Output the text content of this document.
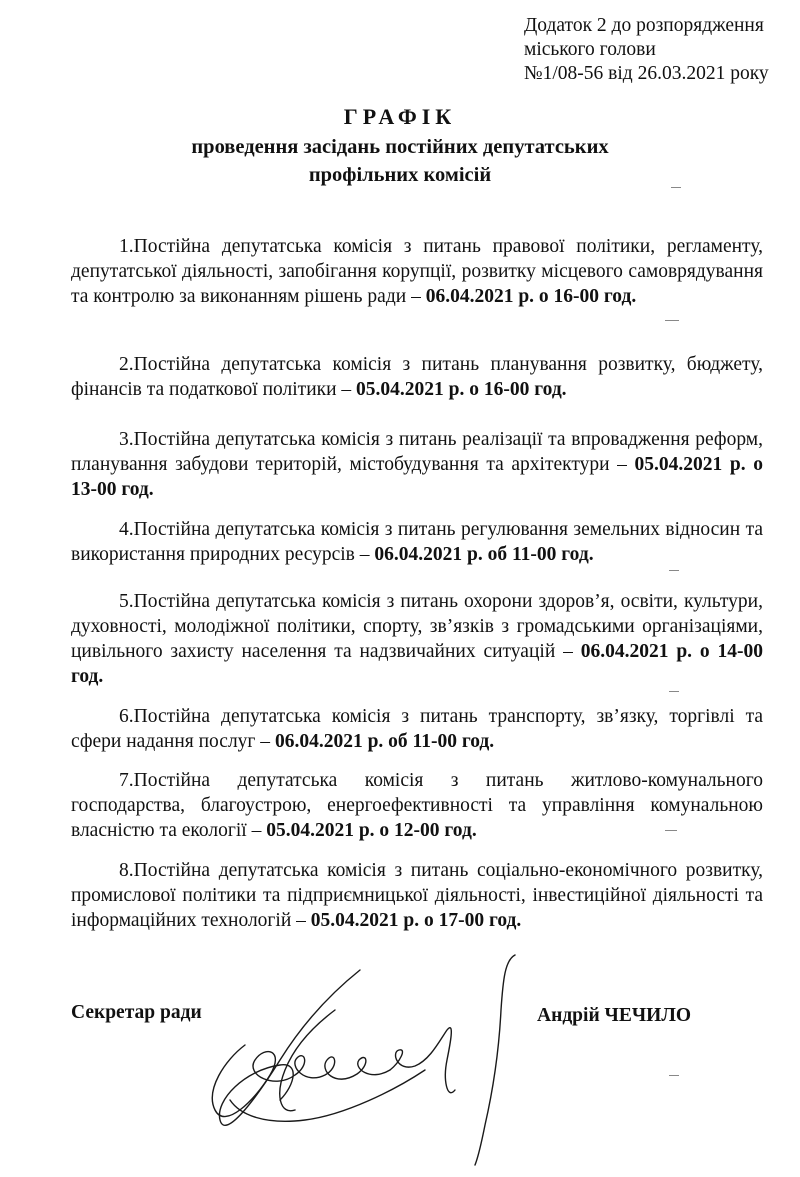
Додаток 2 до розпорядження
міського голови
№1/08-56 від 26.03.2021 року
ГРАФІК
проведення засідань постійних депутатських
профільних комісій
1.Постійна депутатська комісія з питань правової політики, регламенту, депутатської діяльності, запобігання корупції, розвитку місцевого самоврядування та контролю за виконанням рішень ради – 06.04.2021 р. о 16-00 год.
2.Постійна депутатська комісія з питань планування розвитку, бюджету, фінансів та податкової політики – 05.04.2021 р. о 16-00 год.
3.Постійна депутатська комісія з питань реалізації та впровадження реформ, планування забудови територій, містобудування та архітектури – 05.04.2021 р. о 13-00 год.
4.Постійна депутатська комісія з питань регулювання земельних відносин та використання природних ресурсів – 06.04.2021 р. об 11-00 год.
5.Постійна депутатська комісія з питань охорони здоров’я, освіти, культури, духовності, молодіжної політики, спорту, зв’язків з громадськими організаціями, цивільного захисту населення та надзвичайних ситуацій – 06.04.2021 р. о 14-00 год.
6.Постійна депутатська комісія з питань транспорту, зв’язку, торгівлі та сфери надання послуг – 06.04.2021 р. об 11-00 год.
7.Постійна депутатська комісія з питань житлово-комунального господарства, благоустрою, енергоефективності та управління комунальною власністю та екології – 05.04.2021 р. о 12-00 год.
8.Постійна депутатська комісія з питань соціально-економічного розвитку, промислової політики та підприємницької діяльності, інвестиційної діяльності та інформаційних технологій – 05.04.2021 р. о 17-00 год.
Секретар ради	Андрій ЧЕЧИЛО
